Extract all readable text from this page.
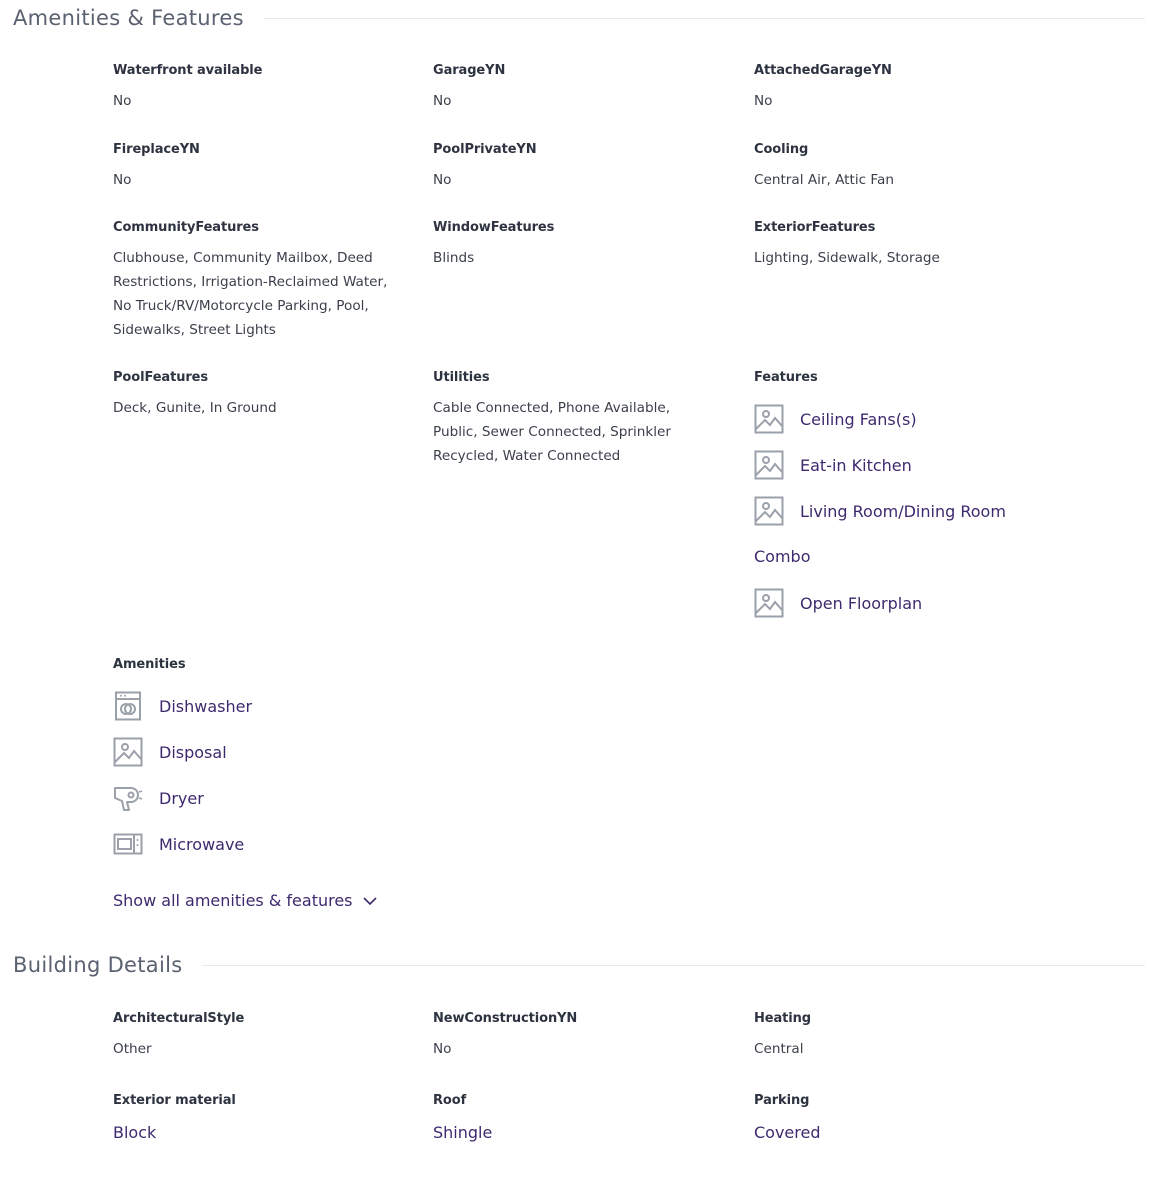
Amenities & Features
Waterfront available
No
GarageYN
No
AttachedGarageYN
No
FireplaceYN
No
PoolPrivateYN
No
Cooling
Central Air, Attic Fan
CommunityFeatures
Clubhouse, Community Mailbox, Deed Restrictions, Irrigation-Reclaimed Water, No Truck/RV/Motorcycle Parking, Pool, Sidewalks, Street Lights
WindowFeatures
Blinds
ExteriorFeatures
Lighting, Sidewalk, Storage
PoolFeatures
Deck, Gunite, In Ground
Utilities
Cable Connected, Phone Available, Public, Sewer Connected, Sprinkler Recycled, Water Connected
Features
Ceiling Fans(s)
Eat-in Kitchen
Living Room/Dining Room
Combo
Open Floorplan
Amenities
Dishwasher
Disposal
Dryer
Microwave
Show all amenities & features
Building Details
ArchitecturalStyle
Other
NewConstructionYN
No
Heating
Central
Exterior material
Block
Roof
Shingle
Parking
Covered
